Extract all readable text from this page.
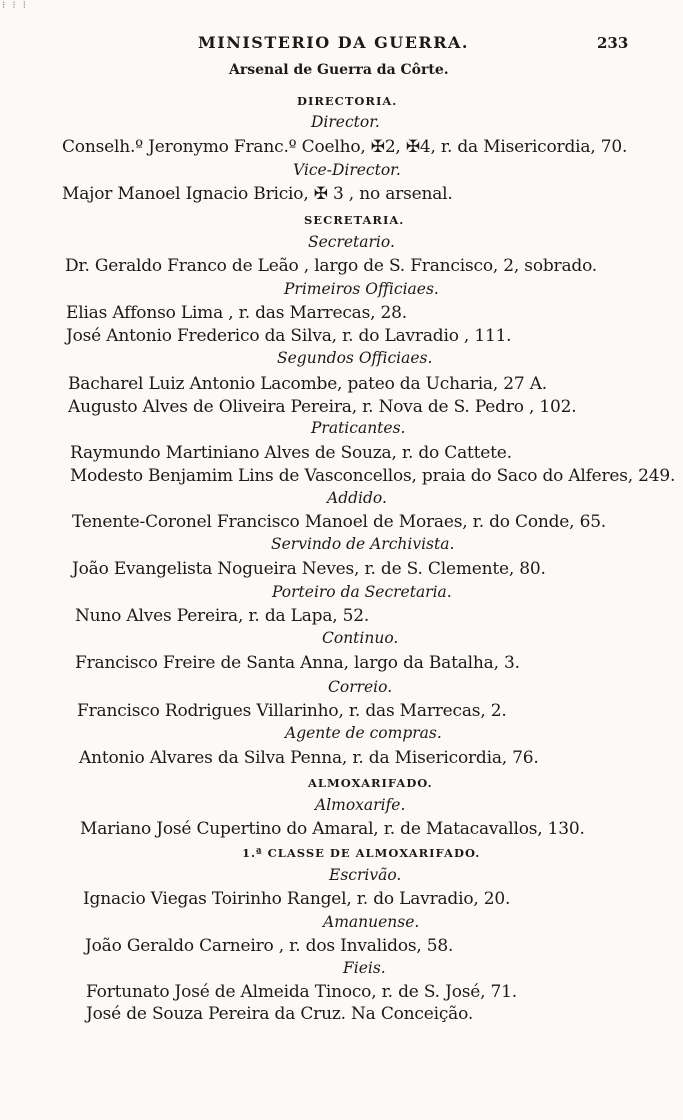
⁝ ⁝ ⁝

MINISTERIO DA GUERRA.	233

Arsenal de Guerra da Côrte.

DIRECTORIA.

Director.

Conselh.º Jeronymo Franc.º Coelho, ✠2, ✠4, r. da Misericordia, 70.

Vice-Director.

Major Manoel Ignacio Bricio, ✠ 3 , no arsenal.

SECRETARIA.

Secretario.

Dr. Geraldo Franco de Leão , largo de S. Francisco, 2, sobrado.

Primeiros Officiaes.

Elias Affonso Lima , r. das Marrecas, 28.

José Antonio Frederico da Silva, r. do Lavradio , 111.

Segundos Officiaes.

Bacharel Luiz Antonio Lacombe, pateo da Ucharia, 27 A.

Augusto Alves de Oliveira Pereira, r. Nova de S. Pedro , 102.

Praticantes.

Raymundo Martiniano Alves de Souza, r. do Cattete.

Modesto Benjamim Lins de Vasconcellos, praia do Saco do Alferes, 249.

Addido.

Tenente-Coronel Francisco Manoel de Moraes, r. do Conde, 65.

Servindo de Archivista.

João Evangelista Nogueira Neves, r. de S. Clemente, 80.

Porteiro da Secretaria.

Nuno Alves Pereira, r. da Lapa, 52.

Continuo.

Francisco Freire de Santa Anna, largo da Batalha, 3.

Correio.

Francisco Rodrigues Villarinho, r. das Marrecas, 2.

Agente de compras.

Antonio Alvares da Silva Penna, r. da Misericordia, 76.

ALMOXARIFADO.

Almoxarife.

Mariano José Cupertino do Amaral, r. de Matacavallos, 130.

1.ª CLASSE DE ALMOXARIFADO.

Escrivão.

Ignacio Viegas Toirinho Rangel, r. do Lavradio, 20.

Amanuense.

João Geraldo Carneiro , r. dos Invalidos, 58.

Fieis.

Fortunato José de Almeida Tinoco, r. de S. José, 71.

José de Souza Pereira da Cruz. Na Conceição.
